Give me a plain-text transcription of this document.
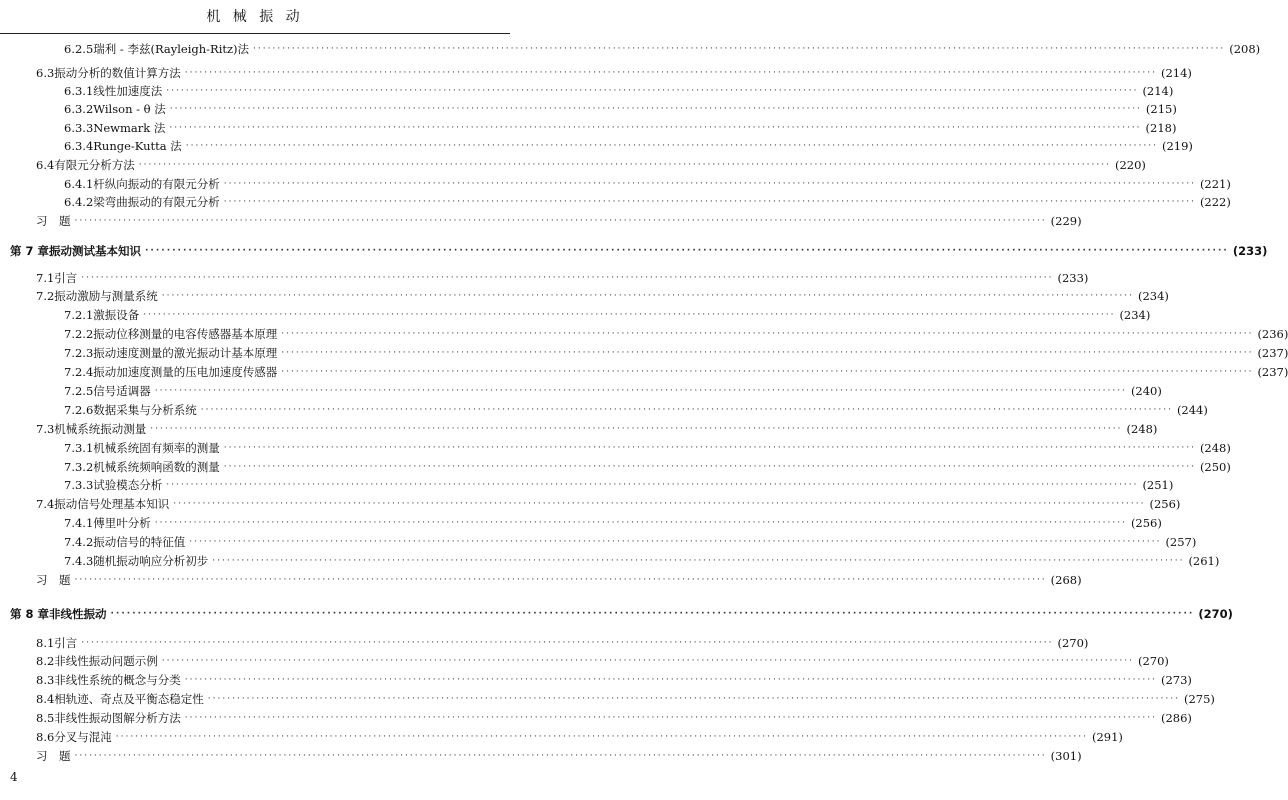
机 械 振 动
6.2.5 瑞利 - 李兹(Rayleigh-Ritz)法 ········································································································································································································ (208)
6.3 振动分析的数值计算方法 ········································································································································································································ (214)
6.3.1 线性加速度法 ········································································································································································································ (214)
6.3.2 Wilson - θ 法 ········································································································································································································ (215)
6.3.3 Newmark 法 ········································································································································································································ (218)
6.3.4 Runge-Kutta 法 ········································································································································································································ (219)
6.4 有限元分析方法 ········································································································································································································ (220)
6.4.1 杆纵向振动的有限元分析 ········································································································································································································ (221)
6.4.2 梁弯曲振动的有限元分析 ········································································································································································································ (222)
习　题 ········································································································································································································ (229)
第 7 章 振动测试基本知识 ········································································································································································································ (233)
7.1 引言 ········································································································································································································ (233)
7.2 振动激励与测量系统 ········································································································································································································ (234)
7.2.1 激振设备 ········································································································································································································ (234)
7.2.2 振动位移测量的电容传感器基本原理 ········································································································································································································ (236)
7.2.3 振动速度测量的激光振动计基本原理 ········································································································································································································ (237)
7.2.4 振动加速度测量的压电加速度传感器 ········································································································································································································ (237)
7.2.5 信号适调器 ········································································································································································································ (240)
7.2.6 数据采集与分析系统 ········································································································································································································ (244)
7.3 机械系统振动测量 ········································································································································································································ (248)
7.3.1 机械系统固有频率的测量 ········································································································································································································ (248)
7.3.2 机械系统频响函数的测量 ········································································································································································································ (250)
7.3.3 试验模态分析 ········································································································································································································ (251)
7.4 振动信号处理基本知识 ········································································································································································································ (256)
7.4.1 傅里叶分析 ········································································································································································································ (256)
7.4.2 振动信号的特征值 ········································································································································································································ (257)
7.4.3 随机振动响应分析初步 ········································································································································································································ (261)
习　题 ········································································································································································································ (268)
第 8 章 非线性振动 ········································································································································································································ (270)
8.1 引言 ········································································································································································································ (270)
8.2 非线性振动问题示例 ········································································································································································································ (270)
8.3 非线性系统的概念与分类 ········································································································································································································ (273)
8.4 相轨迹、奇点及平衡态稳定性 ········································································································································································································ (275)
8.5 非线性振动图解分析方法 ········································································································································································································ (286)
8.6 分叉与混沌 ········································································································································································································ (291)
习　题 ········································································································································································································ (301)
4
